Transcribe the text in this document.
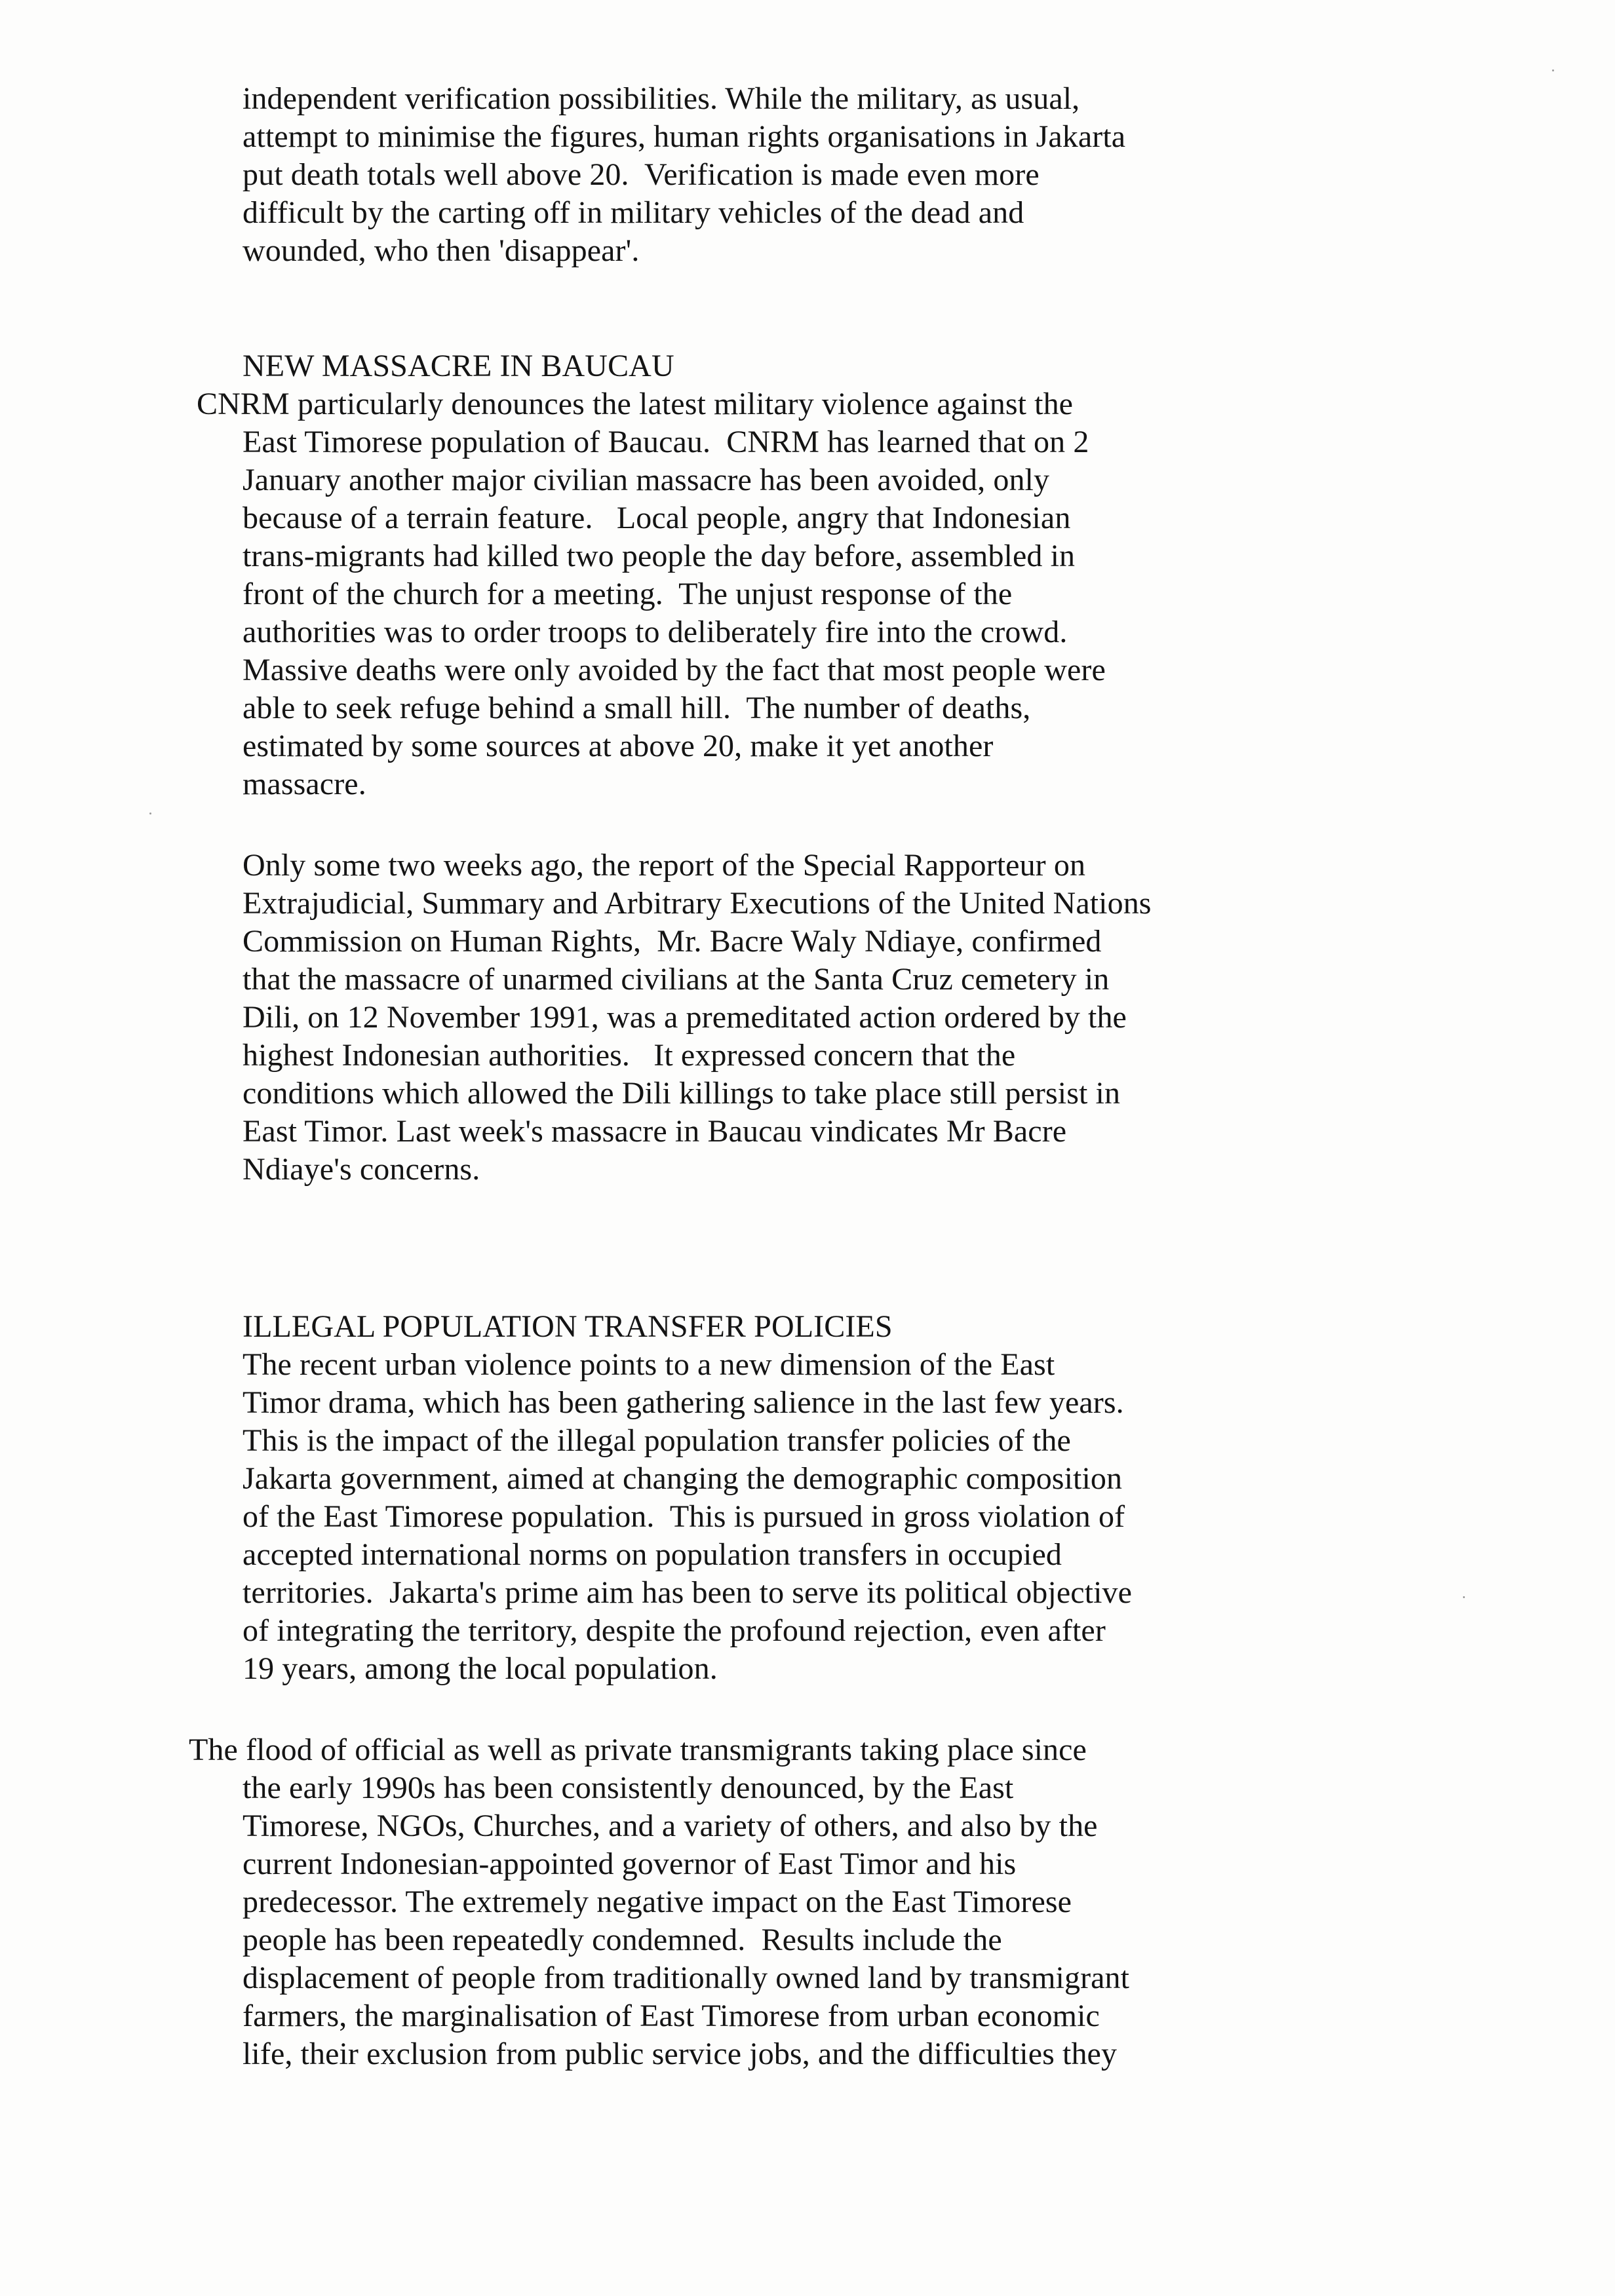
independent verification possibilities. While the military, as usual,
attempt to minimise the figures, human rights organisations in Jakarta
put death totals well above 20.  Verification is made even more
difficult by the carting off in military vehicles of the dead and
wounded, who then 'disappear'.
NEW MASSACRE IN BAUCAU
CNRM particularly denounces the latest military violence against the
East Timorese population of Baucau.  CNRM has learned that on 2
January another major civilian massacre has been avoided, only
because of a terrain feature.   Local people, angry that Indonesian
trans-migrants had killed two people the day before, assembled in
front of the church for a meeting.  The unjust response of the
authorities was to order troops to deliberately fire into the crowd.
Massive deaths were only avoided by the fact that most people were
able to seek refuge behind a small hill.  The number of deaths,
estimated by some sources at above 20, make it yet another
massacre.
Only some two weeks ago, the report of the Special Rapporteur on
Extrajudicial, Summary and Arbitrary Executions of the United Nations
Commission on Human Rights,  Mr. Bacre Waly Ndiaye, confirmed
that the massacre of unarmed civilians at the Santa Cruz cemetery in
Dili, on 12 November 1991, was a premeditated action ordered by the
highest Indonesian authorities.   It expressed concern that the
conditions which allowed the Dili killings to take place still persist in
East Timor. Last week's massacre in Baucau vindicates Mr Bacre
Ndiaye's concerns.
ILLEGAL POPULATION TRANSFER POLICIES
The recent urban violence points to a new dimension of the East
Timor drama, which has been gathering salience in the last few years.
This is the impact of the illegal population transfer policies of the
Jakarta government, aimed at changing the demographic composition
of the East Timorese population.  This is pursued in gross violation of
accepted international norms on population transfers in occupied
territories.  Jakarta's prime aim has been to serve its political objective
of integrating the territory, despite the profound rejection, even after
19 years, among the local population.
The flood of official as well as private transmigrants taking place since
the early 1990s has been consistently denounced, by the East
Timorese, NGOs, Churches, and a variety of others, and also by the
current Indonesian-appointed governor of East Timor and his
predecessor. The extremely negative impact on the East Timorese
people has been repeatedly condemned.  Results include the
displacement of people from traditionally owned land by transmigrant
farmers, the marginalisation of East Timorese from urban economic
life, their exclusion from public service jobs, and the difficulties they
